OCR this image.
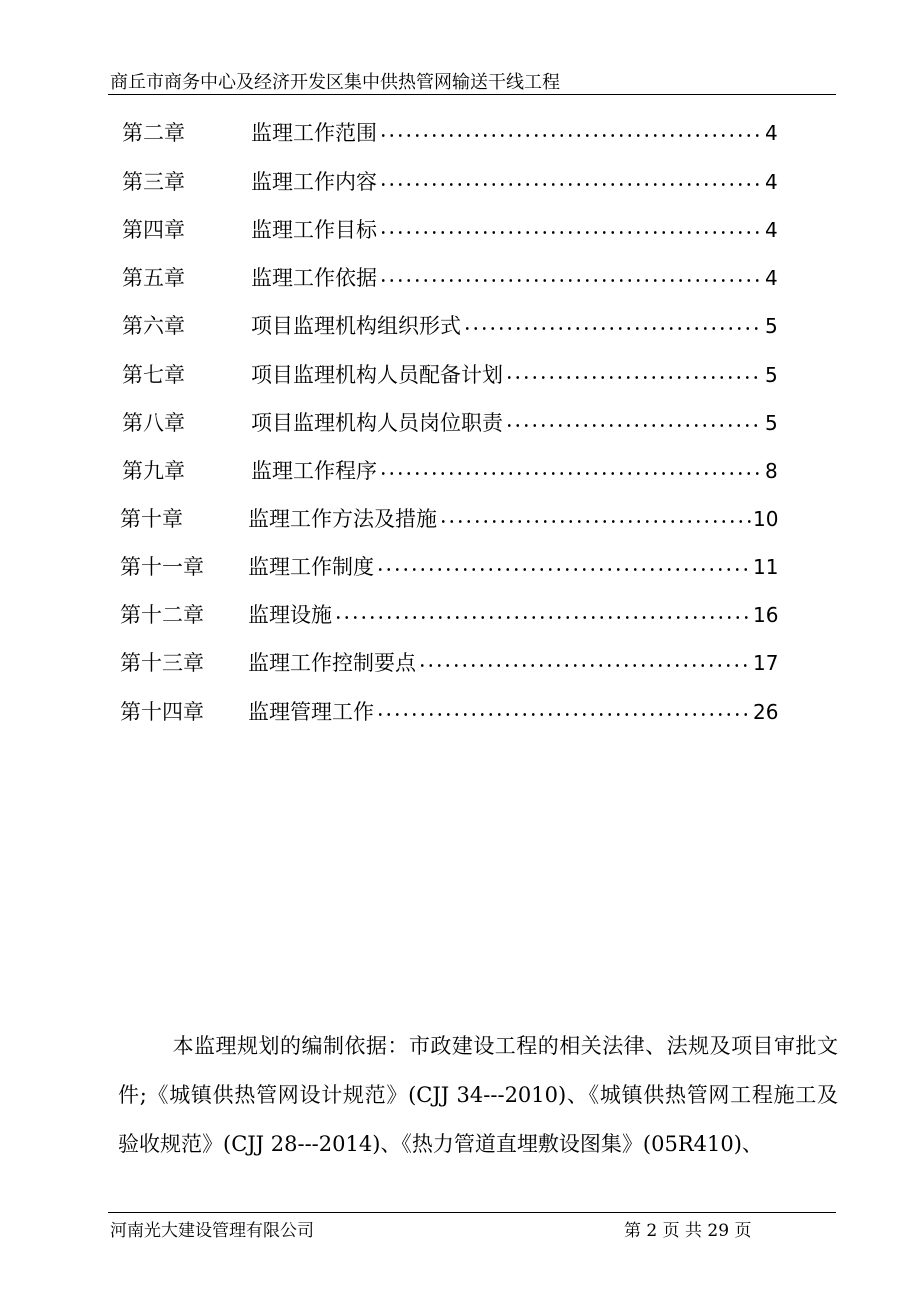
商丘市商务中心及经济开发区集中供热管网输送干线工程
第二章	监理工作范围	4
第三章	监理工作内容	4
第四章	监理工作目标	4
第五章	监理工作依据	4
第六章	项目监理机构组织形式	5
第七章	项目监理机构人员配备计划	5
第八章	项目监理机构人员岗位职责	5
第九章	监理工作程序	8
第十章	监理工作方法及措施	10
第十一章 监理工作制度	11
第十二章 监理设施	16
第十三章 监理工作控制要点	17
第十四章 监理管理工作	26

本监理规划的编制依据：市政建设工程的相关法律、法规及项目审批文件;《城镇供热管网设计规范》(CJJ 34---2010)、《城镇供热管网工程施工及验收规范》(CJJ 28---2014)、《热力管道直埋敷设图集》(05R410)、

河南光大建设管理有限公司	第 2 页 共 29 页
